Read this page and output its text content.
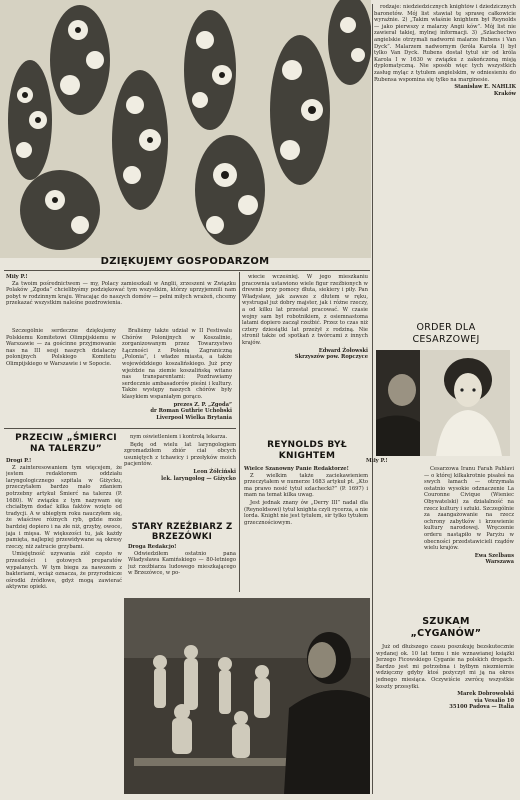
rodzaje: niedziedzicznych knightów i dziedzicznych baronetów. Mój list stawiał tę sprawę całkowicie wyraźnie. 2) „Takim właśnie knightem był Reynolds — jako pierwszy z malarzy Angii ków”. Mój list nie zawierał takiej, mylnej informacji. 3) „Szlachectwo angielskie otrzymali nadworni malarze Rubens i Van Dyck”. Malarzem nadwornym (króla Karola I) był tylko Van Dyck. Rubens dostał tytuł sir od króla Karola I w 1630 w związku z zakończoną misją dyplomatyczną. Nie sposób więc tych wszystkich zasług myląc z tytułem angielskim, w odniesieniu do Rubensa wspomina się tylko na marginesie.

Stanisław E. NAHLIK
Kraków
DZIĘKUJEMY GOSPODARZOM
Mily P.!

Za twoim pośrednictwem — my, Polacy zamieszkali w Anglii, zrzeszeni w Związku Polaków „Zgoda” chcielibyśmy podziękować tym wszystkim, którzy uprzyjemnili nam pobyt w rodzinnym kraju. Wracając do naszych domów — pełni miłych wrażeń, chcemy przekazać wszystkim naleśne pozdrowienia.

Szczególnie serdeczne dziękujemy Polskiemu Komitetowi Olimpijskiemu w Warszawie — za gościnne przyjmowanie nas na III sesji naszych działaczy polonijnych Polskiego Komitetu Olimpijskiego w Warszawie i w Sopocie.

Braliśmy także udział w II Festiwalu Chórów Polonijnych w Koszalinie, zorganizowanym przez Towarzystwo Łączności z Polonią Zagraniczną „Polonia”, i władze miasta, a także wojewódzkiego koszalińskiego. Już przy wjeździe na ziemie koszalińską witano nas transparentami: Pozdrawiamy serdecznie ambasadorów pieśni i kultury. Także występy naszych chórów były klasykiem wspaniałym gorąco.

prezes Z. P. „Zgoda”
dr Roman Guthrie Uchobski
Liverpool Wielka Brytania

wiecie wcześniej. W jego mieszkaniu pracownia ustawiono wiele figur rzeźbionych w drewnie przy pomocy dłuta, siekiery i piły. Pan Władysław, jak zawsze z dłutem w ręku, wystrugał już dobry majster, jak i różne rzeczy, a od kilku lat przestał pracować. W czasie wojny sam był robotnikiem, z osiemnastoma latami dopiero zaczął rzeźbić. Przez to czas niż cztery dziesiątki lat przeżył z rodziną. Nie stronił także od spotkań z twórcami z innych krajów.

Edward Żołowski
Skrzyszów pow. Ropczyce
PRZECIW „ŚMIERCI NA TALERZU”
Drogi P.!

Z zainteresowaniem tym więcejem, że jestem redaktorem oddziału laryngologicznego szpitala w Giżycku, przeczytałem bardzo mało zdaniem potrzebny artykuł Śmierć na talerzu (P. 1680). W związku z tym nazywam się chciałbym dodać kilka faktów wzięto od tradycji. A w ubiegłym roku nauczyłem się, że właściwe różnych ryb, gdzie może bardziej dopiero i na złe niż, grzyby, owoce, jaja i mięsa. W większości tu, jak każdy pamięta, najlepiej przewidywane są okresy rzeczy, niż zatrucie grzybami.

Umiejętność uzywania ziół często w przeszłości i gotowych preparatów wypalanych. W tym biegu za nawozem z bakteriami, wciąż oznacza, że przyrodnicze ośrodki źródłowe, gdyż mogą zawierać aktywne opieki.

nym oświetleniem i kontrolą lekarza.

Będę od wielu lat laryngologiem zgromadziłem zbiór ciał obcych usuniętych z tchawicy i przełyków moich pacjentów.

Leon Żółciński
lek. laryngolog — Giżycko
REYNOLDS BYŁ KNIGHTEM
Wielce Szanowny Panie Redaktorze!

Z wielkim także zaciekawieniem przeczytałem w numerze 1683 artykuł pt. „Kto ma prawo nosić tytuł szlachecki?” (P. 1697) i mam na temat kilka uwag.

Jest jednak znany ów „Derry III” nadał dla (Reynoldsowi) tytuł knighta czyli rycerza, a nie lorda. Knight nie jest tytułem, sir tylko tytułem grzecznościowym.

STARY RZEŹBIARZ Z BRZEZÓWKI
Droga Redakcjo!

Odwiedziłem ostatnio pana Władysława Kamińskiego — 80-letniego już rzeźbiarza ludowego mieszkającego w Brzezówce, w po-

ORDER DLA CESARZOWEJ
Mily P.!

Cesarzowa Iranu Farah Pahlavi — o której kilkakrotnie pisałeś na swych łamach — otrzymała ostatnio wysokie odznaczenie La Couronne Civique (Wieniec Obywatelski) za działalność na rzecz kultury i sztuki. Szczególnie za zaangażowanie na rzecz ochrony zabytków i krzewienie kultury narodowej. Wręczenie orderu nastąpiło w Paryżu w obecności przedstawicieli rządów wielu krajów.

Ewa Szelbaus
Warszawa
SZUKAM „CYGANÓW”

Już od dłuższego czasu poszukuję bezskutecznie wydanej ok. 10 lat temu i nie wznawianej książki Jerzego Ficowskiego Cyganie na polskich drogach. Bardzo jest mi potrzebna i byłbym niezmiernie wdzięczny gdyby ktoś pożyczył mi ją na okres jednego miesiąca. Oczywiście zwrócę wszystkie koszty przesyłki.

Marek Dobrowolski
via Vesalio 10
35100 Padova — Italia
